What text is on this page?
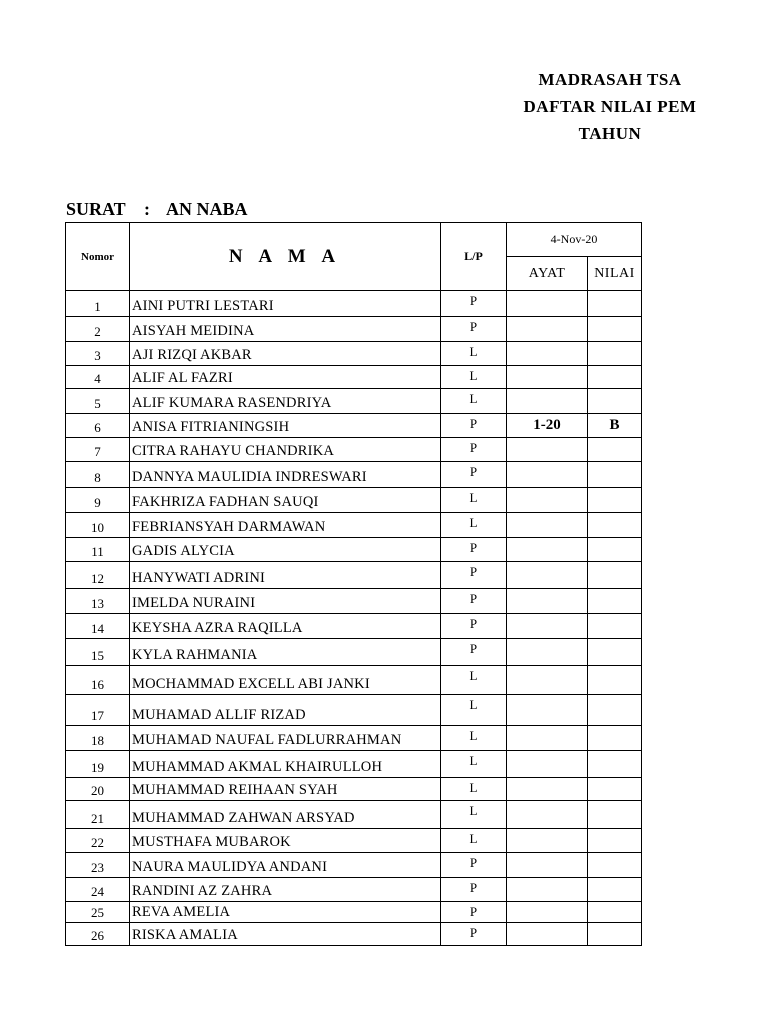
MADRASAH TSA
DAFTAR NILAI PEM
TAHUN
SURAT : AN NABA
Nomor	N A M A	L/P	4-Nov-20	
			AYAT	NILAI
1	AINI PUTRI LESTARI	P		
2	AISYAH MEIDINA	P		
3	AJI RIZQI AKBAR	L		
4	ALIF AL FAZRI	L		
5	ALIF KUMARA RASENDRIYA	L		
6	ANISA FITRIANINGSIH	P	1-20	B
7	CITRA RAHAYU CHANDRIKA	P		
8	DANNYA MAULIDIA INDRESWARI	P		
9	FAKHRIZA FADHAN SAUQI	L		
10	FEBRIANSYAH DARMAWAN	L		
11	GADIS ALYCIA	P		
12	HANYWATI ADRINI	P		
13	IMELDA NURAINI	P		
14	KEYSHA AZRA RAQILLA	P		
15	KYLA RAHMANIA	P		
16	MOCHAMMAD EXCELL ABI JANKI	L		
17	MUHAMAD ALLIF RIZAD	L		
18	MUHAMAD NAUFAL FADLURRAHMAN	L		
19	MUHAMMAD AKMAL KHAIRULLOH	L		
20	MUHAMMAD REIHAAN SYAH	L		
21	MUHAMMAD ZAHWAN ARSYAD	L		
22	MUSTHAFA MUBAROK	L		
23	NAURA MAULIDYA ANDANI	P		
24	RANDINI AZ ZAHRA	P		
25	REVA AMELIA	P		
26	RISKA AMALIA	P		
